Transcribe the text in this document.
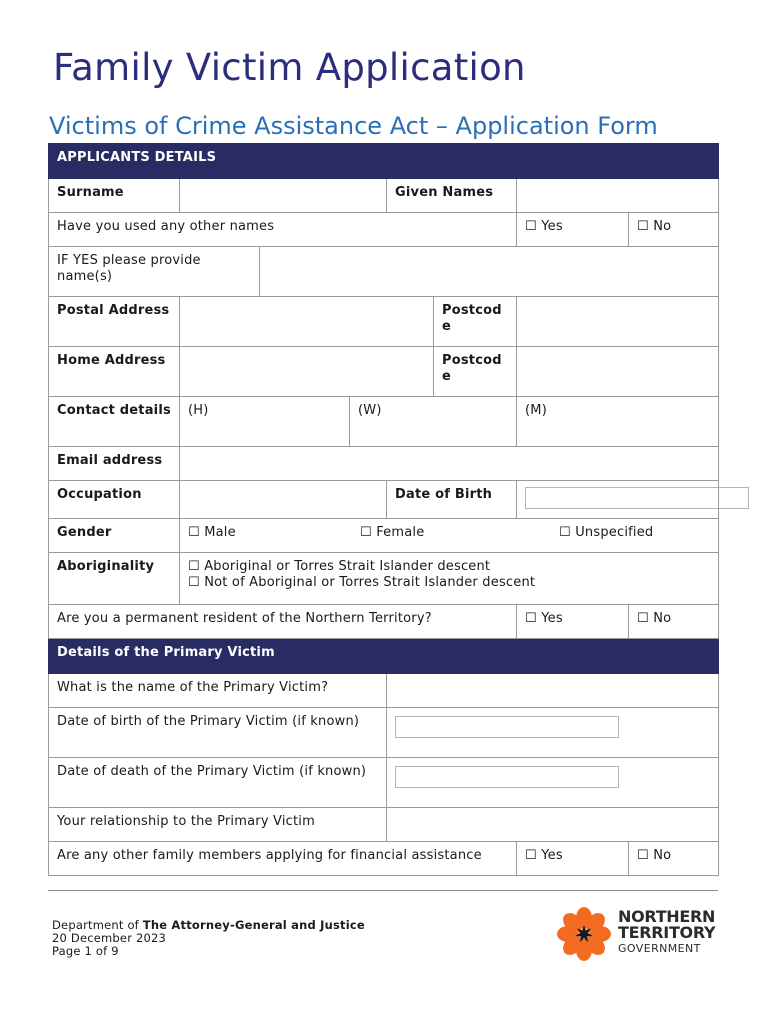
Family Victim Application
Victims of Crime Assistance Act – Application Form
APPLICANTS DETAILS							
Surname				Given Names			
Have you used any other names						☐ Yes	☐ No

IF YES please provide name(s)							

Postal Address					Postcode		

Home Address					Postcode		

Contact details	(H)		(W)			(M)	

Email address							
Occupation				Date of Birth			

Gender	☐ Male ☐ Female ☐ Unspecified						
Aboriginality	☐ Aboriginal or Torres Strait Islander descent
☐ Not of Aboriginal or Torres Strait Islander descent						

Are you a permanent resident of the Northern Territory?						☐ Yes	☐ No
Details of the Primary Victim							
What is the name of the Primary Victim?							
Date of birth of the Primary Victim (if known)							

Date of death of the Primary Victim (if known)							

Your relationship to the Primary Victim							
Are any other family members applying for financial assistance						☐ Yes	☐ No
Department of The Attorney-General and Justice
20 December 2023
Page 1 of 9
NORTHERN
TERRITORY
GOVERNMENT
